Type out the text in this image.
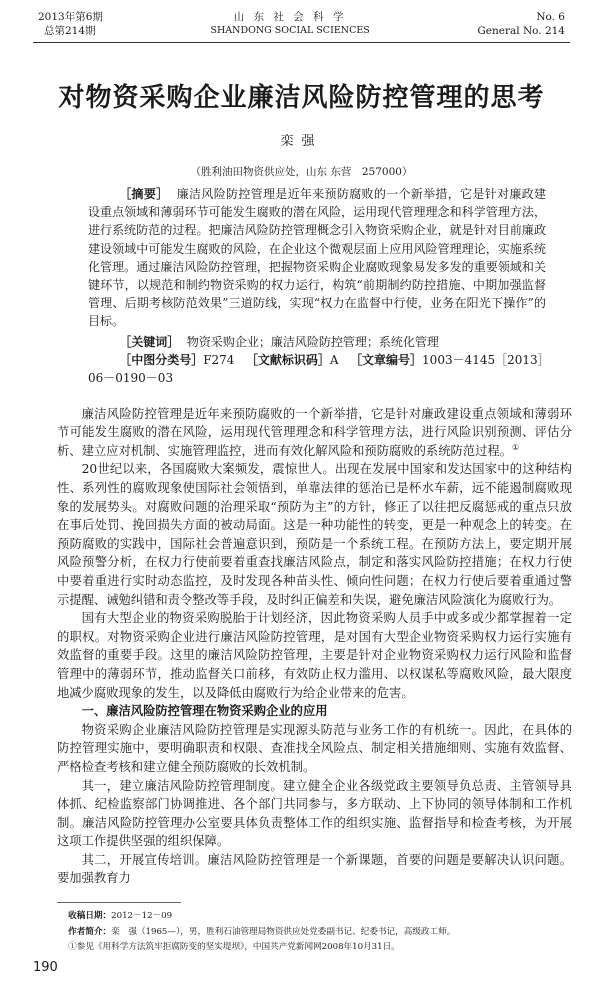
2013年第6期
总第214期
山 东 社 会 科 学
SHANDONG SOCIAL SCIENCES
No. 6
General No. 214
对物资采购企业廉洁风险防控管理的思考
栾强
（胜利油田物资供应处，山东 东营　257000）
［摘要］ 廉洁风险防控管理是近年来预防腐败的一个新举措，它是针对廉政建设重点领域和薄弱环节可能发生腐败的潜在风险，运用现代管理理念和科学管理方法，进行系统防范的过程。把廉洁风险防控管理概念引入物资采购企业，就是针对目前廉政建设领域中可能发生腐败的风险，在企业这个微观层面上应用风险管理理论，实施系统化管理。通过廉洁风险防控管理，把握物资采购企业腐败现象易发多发的重要领域和关键环节，以规范和制约物资采购的权力运行，构筑“前期制约防控措施、中期加强监督管理、后期考核防范效果”三道防线，实现“权力在监督中行使，业务在阳光下操作”的目标。
［关键词］ 物资采购企业；廉洁风险防控管理；系统化管理
［中图分类号］F274 ［文献标识码］A ［文章编号］1003－4145［2013］06－0190－03

廉洁风险防控管理是近年来预防腐败的一个新举措，它是针对廉政建设重点领域和薄弱环节可能发生腐败的潜在风险，运用现代管理理念和科学管理方法，进行风险识别预测、评估分析、建立应对机制、实施管理监控，进而有效化解风险和预防腐败的系统防范过程。①

20世纪以来，各国腐败大案频发，震惊世人。出现在发展中国家和发达国家中的这种结构性、系列性的腐败现象使国际社会领悟到，单靠法律的惩治已是杯水车薪，远不能遏制腐败现象的发展势头。对腐败问题的治理采取“预防为主”的方针，修正了以往把反腐惩戒的重点只放在事后处罚、挽回损失方面的被动局面。这是一种功能性的转变，更是一种观念上的转变。在预防腐败的实践中，国际社会普遍意识到，预防是一个系统工程。在预防方法上，要定期开展风险预警分析，在权力行使前要着重查找廉洁风险点，制定和落实风险防控措施；在权力行使中要着重进行实时动态监控，及时发现各种苗头性、倾向性问题；在权力行使后要着重通过警示提醒、诫勉纠错和责令整改等手段，及时纠正偏差和失误，避免廉洁风险演化为腐败行为。

国有大型企业的物资采购脱胎于计划经济，因此物资采购人员手中或多或少都掌握着一定的职权。对物资采购企业进行廉洁风险防控管理，是对国有大型企业物资采购权力运行实施有效监督的重要手段。这里的廉洁风险防控管理，主要是针对企业物资采购权力运行风险和监督管理中的薄弱环节，推动监督关口前移，有效防止权力滥用、以权谋私等腐败风险，最大限度地减少腐败现象的发生，以及降低由腐败行为给企业带来的危害。

一、廉洁风险防控管理在物资采购企业的应用

物资采购企业廉洁风险防控管理是实现源头防范与业务工作的有机统一。因此，在具体的防控管理实施中，要明确职责和权限、查准找全风险点、制定相关措施细则、实施有效监督、严格检查考核和建立健全预防腐败的长效机制。

其一，建立廉洁风险防控管理制度。建立健全企业各级党政主要领导负总责、主管领导具体抓、纪检监察部门协调推进、各个部门共同参与，多方联动、上下协同的领导体制和工作机制。廉洁风险防控管理办公室要具体负责整体工作的组织实施、监督指导和检查考核，为开展这项工作提供坚强的组织保障。

其二，开展宣传培训。廉洁风险防控管理是一个新课题，首要的问题是要解决认识问题。要加强教育力

收稿日期：2012－12－09
作者简介：栾　强（1965—），男，胜利石油管理局物资供应处党委副书记、纪委书记，高级政工师。
①参见《用科学方法筑牢拒腐防变的坚实堤坝》，中国共产党新闻网2008年10月31日。
190
